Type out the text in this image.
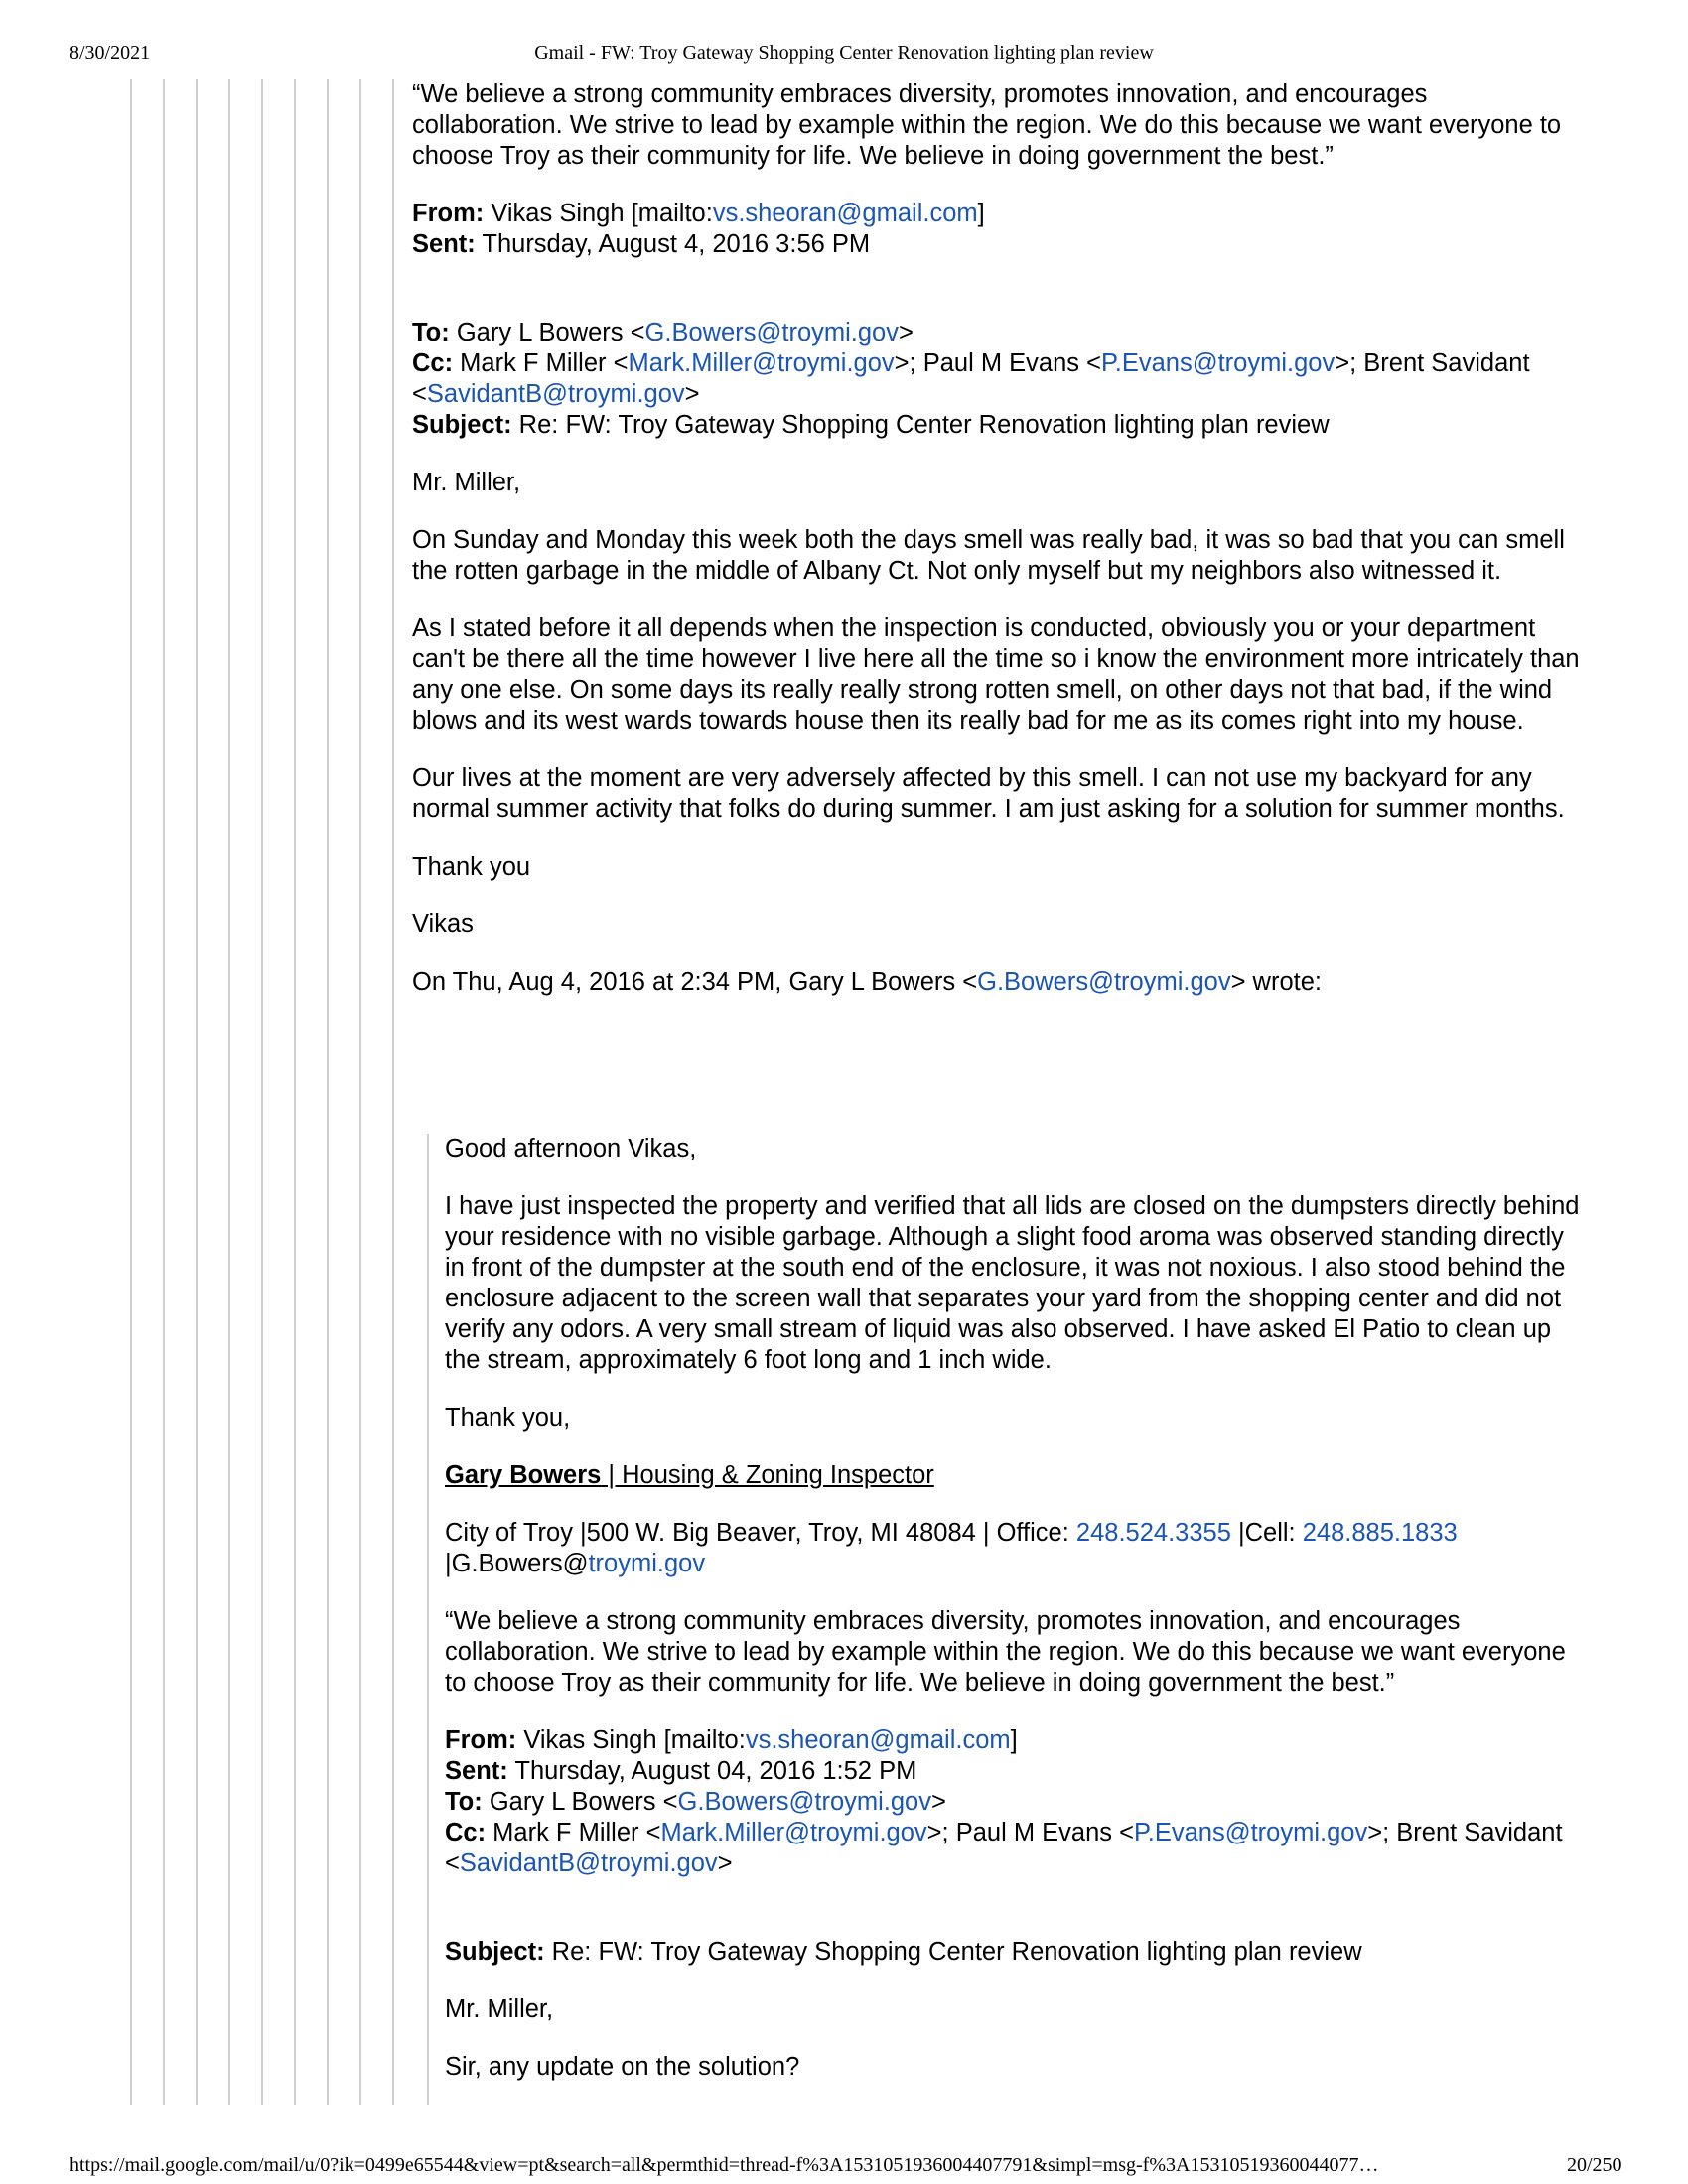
8/30/2021	Gmail - FW: Troy Gateway Shopping Center Renovation lighting plan review

“We believe a strong community embraces diversity, promotes innovation, and encourages collaboration. We strive to lead by example within the region. We do this because we want everyone to choose Troy as their community for life. We believe in doing government the best.”

From: Vikas Singh [mailto:vs.sheoran@gmail.com]
Sent: Thursday, August 4, 2016 3:56 PM

To: Gary L Bowers <G.Bowers@troymi.gov>
Cc: Mark F Miller <Mark.Miller@troymi.gov>; Paul M Evans <P.Evans@troymi.gov>; Brent Savidant <SavidantB@troymi.gov>
Subject: Re: FW: Troy Gateway Shopping Center Renovation lighting plan review

Mr. Miller,

On Sunday and Monday this week both the days smell was really bad, it was so bad that you can smell the rotten garbage in the middle of Albany Ct. Not only myself but my neighbors also witnessed it.

As I stated before it all depends when the inspection is conducted, obviously you or your department can't be there all the time however I live here all the time so i know the environment more intricately than any one else. On some days its really really strong rotten smell, on other days not that bad, if the wind blows and its west wards towards house then its really bad for me as its comes right into my house.

Our lives at the moment are very adversely affected by this smell. I can not use my backyard for any normal summer activity that folks do during summer. I am just asking for a solution for summer months.

Thank you

Vikas

On Thu, Aug 4, 2016 at 2:34 PM, Gary L Bowers <G.Bowers@troymi.gov> wrote:

Good afternoon Vikas,

I have just inspected the property and verified that all lids are closed on the dumpsters directly behind your residence with no visible garbage. Although a slight food aroma was observed standing directly in front of the dumpster at the south end of the enclosure, it was not noxious. I also stood behind the enclosure adjacent to the screen wall that separates your yard from the shopping center and did not verify any odors. A very small stream of liquid was also observed. I have asked El Patio to clean up the stream, approximately 6 foot long and 1 inch wide.

Thank you,

Gary Bowers | Housing & Zoning Inspector

City of Troy |500 W. Big Beaver, Troy, MI 48084 | Office: 248.524.3355 |Cell: 248.885.1833
|G.Bowers@troymi.gov

“We believe a strong community embraces diversity, promotes innovation, and encourages collaboration. We strive to lead by example within the region. We do this because we want everyone to choose Troy as their community for life. We believe in doing government the best.”

From: Vikas Singh [mailto:vs.sheoran@gmail.com]
Sent: Thursday, August 04, 2016 1:52 PM
To: Gary L Bowers <G.Bowers@troymi.gov>
Cc: Mark F Miller <Mark.Miller@troymi.gov>; Paul M Evans <P.Evans@troymi.gov>; Brent Savidant <SavidantB@troymi.gov>

Subject: Re: FW: Troy Gateway Shopping Center Renovation lighting plan review

Mr. Miller,

Sir, any update on the solution?

https://mail.google.com/mail/u/0?ik=0499e65544&view=pt&search=all&permthid=thread-f%3A1531051936004407791&simpl=msg-f%3A15310519360044077…	20/250
